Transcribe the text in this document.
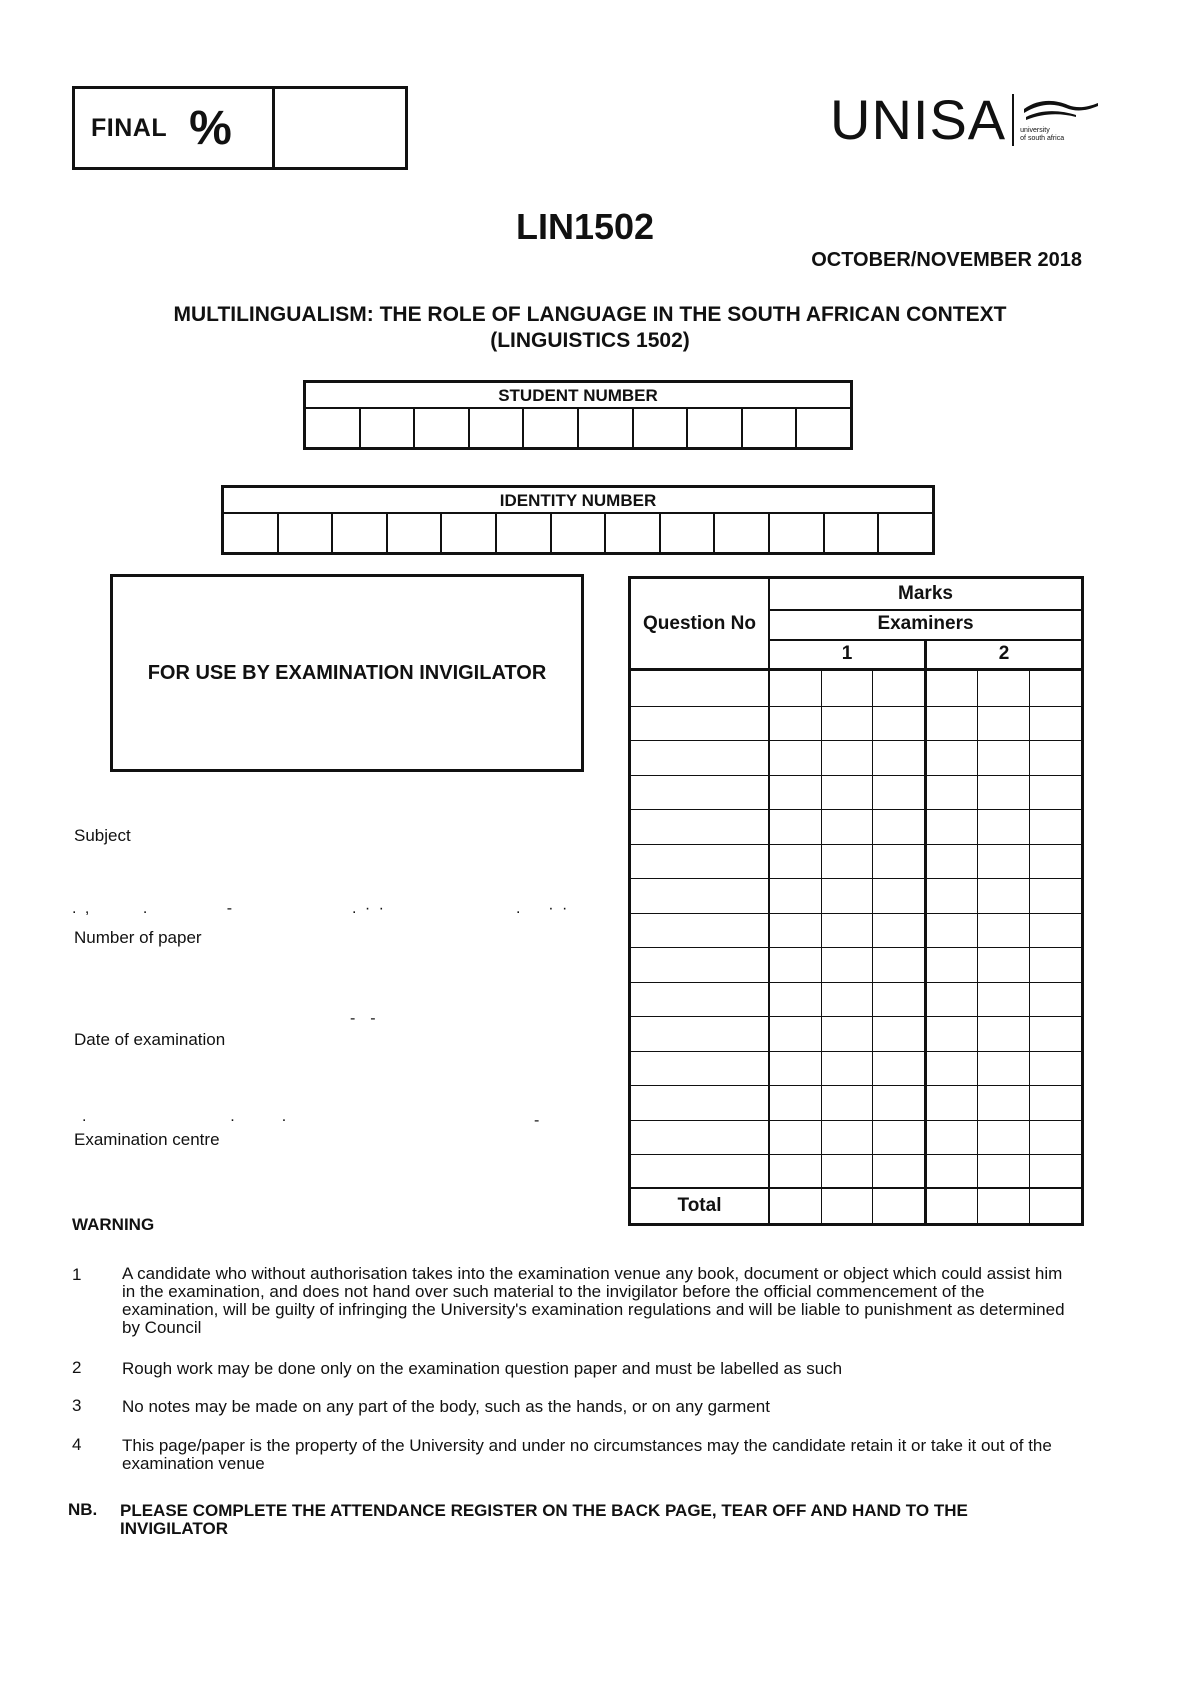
FINAL %	UNISA university
of south africa
LIN1502
OCTOBER/NOVEMBER 2018
MULTILINGUALISM: THE ROLE OF LANGUAGE IN THE SOUTH AFRICAN CONTEXT
(LINGUISTICS 1502)
STUDENT NUMBER
IDENTITY NUMBER
FOR USE BY EXAMINATION INVIGILATOR
Subject
. ,        .            -	. · ·	.    · ·
Number of paper
-  -
Date of examination
.                      .       .	-
Examination centre
Question No
Marks
Examiners
1	2
Total
WARNING
1 A candidate who without authorisation takes into the examination venue any book, document or object which could assist him in the examination, and does not hand over such material to the invigilator before the official commencement of the examination, will be guilty of infringing the University's examination regulations and will be liable to punishment as determined by Council
2 Rough work may be done only on the examination question paper and must be labelled as such
3 No notes may be made on any part of the body, such as the hands, or on any garment
4 This page/paper is the property of the University and under no circumstances may the candidate retain it or take it out of the examination venue
NB. PLEASE COMPLETE THE ATTENDANCE REGISTER ON THE BACK PAGE, TEAR OFF AND HAND TO THE INVIGILATOR
